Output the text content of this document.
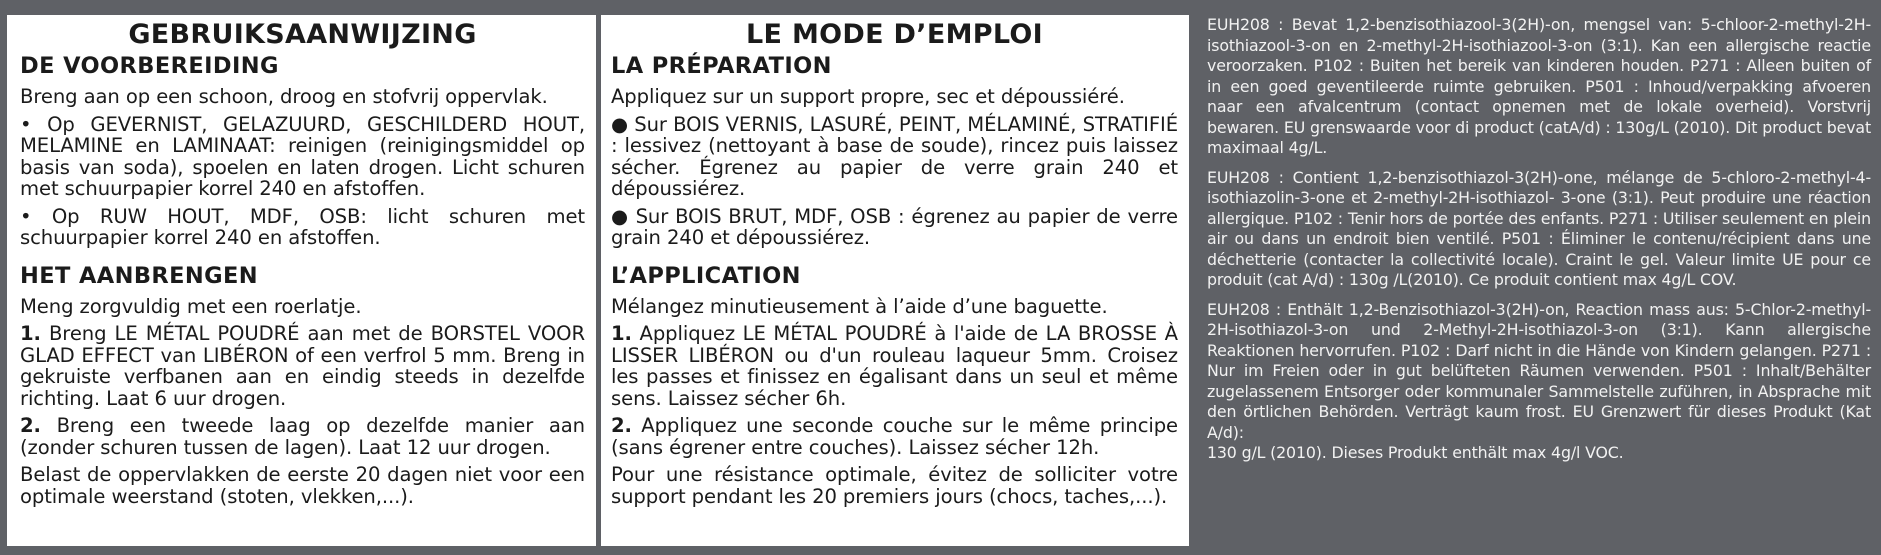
GEBRUIKSAANWIJZING
DE VOORBEREIDING

Breng aan op een schoon, droog en stofvrij oppervlak.

• Op GEVERNIST, GELAZUURD, GESCHILDERD HOUT, MELAMINE en LAMINAAT: reinigen (reinigingsmiddel op basis van soda), spoelen en laten drogen. Licht schuren met schuurpapier korrel 240 en afstoffen.

• Op RUW HOUT, MDF, OSB: licht schuren met schuurpapier korrel 240 en afstoffen.

HET AANBRENGEN

Meng zorgvuldig met een roerlatje.

1. Breng LE MÉTAL POUDRÉ aan met de BORSTEL VOOR GLAD EFFECT van LIBÉRON of een verfrol 5 mm. Breng in gekruiste verfbanen aan en eindig steeds in dezelfde richting. Laat 6 uur drogen.

2. Breng een tweede laag op dezelfde manier aan (zonder schuren tussen de lagen). Laat 12 uur drogen.

Belast de oppervlakken de eerste 20 dagen niet voor een optimale weerstand (stoten, vlekken,...).

LE MODE D’EMPLOI
LA PRÉPARATION

Appliquez sur un support propre, sec et dépoussiéré.

● Sur BOIS VERNIS, LASURÉ, PEINT, MÉLAMINÉ, STRATIFIÉ : lessivez (nettoyant à base de soude), rincez puis laissez sécher. Égrenez au papier de verre grain 240 et dépoussiérez.

● Sur BOIS BRUT, MDF, OSB : égrenez au papier de verre grain 240 et dépoussiérez.

L’APPLICATION

Mélangez minutieusement à l’aide d’une baguette.

1. Appliquez LE MÉTAL POUDRÉ à l'aide de LA BROSSE À LISSER LIBÉRON ou d'un rouleau laqueur 5mm. Croisez les passes et finissez en égalisant dans un seul et même sens. Laissez sécher 6h.

2. Appliquez une seconde couche sur le même principe (sans égrener entre couches). Laissez sécher 12h.

Pour une résistance optimale, évitez de solliciter votre support pendant les 20 premiers jours (chocs, taches,...).

EUH208 : Bevat 1,2-benzisothiazool-3(2H)-on, mengsel van: 5-chloor-2-methyl-2H-isothiazool-3-on en 2-methyl-2H-isothiazool-3-on (3:1). Kan een allergische reactie veroorzaken. P102 : Buiten het bereik van kinderen houden. P271 : Alleen buiten of in een goed geventileerde ruimte gebruiken. P501 : Inhoud/verpakking afvoeren naar een afvalcentrum (contact opnemen met de lokale overheid). Vorstvrij bewaren. EU grenswaarde voor di product (catA/d) : 130g/L (2010). Dit product bevat maximaal 4g/L.

EUH208 : Contient 1,2-benzisothiazol-3(2H)-one, mélange de 5-chloro-2-methyl-4-isothiazolin-3-one et 2-methyl-2H-isothiazol- 3-one (3:1). Peut produire une réaction allergique. P102 : Tenir hors de portée des enfants. P271 : Utiliser seulement en plein air ou dans un endroit bien ventilé. P501 : Éliminer le contenu/récipient dans une déchetterie (contacter la collectivité locale). Craint le gel. Valeur limite UE pour ce produit (cat A/d) : 130g /L(2010). Ce produit contient max 4g/L COV.

EUH208 : Enthält 1,2-Benzisothiazol-3(2H)-on, Reaction mass aus: 5-Chlor-2-methyl-2H-isothiazol-3-on und 2-Methyl-2H-isothiazol-3-on (3:1). Kann allergische Reaktionen hervorrufen. P102 : Darf nicht in die Hände von Kindern gelangen. P271 : Nur im Freien oder in gut belüfteten Räumen verwenden. P501 : Inhalt/Behälter zugelassenem Entsorger oder kommunaler Sammelstelle zuführen, in Absprache mit den örtlichen Behörden. Verträgt kaum frost. EU Grenzwert für dieses Produkt (Kat A/d):
130 g/L (2010). Dieses Produkt enthält max 4g/l VOC.
